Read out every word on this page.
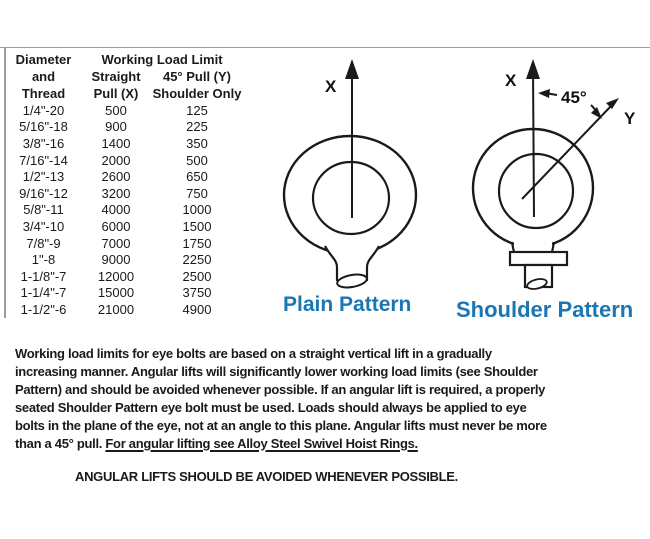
Diameter	Working Load Limit
and	Straight	45° Pull (Y)
Thread	Pull (X)	Shoulder Only
1/4"-20	500	125
5/16"-18	900	225
3/8"-16	1400	350
7/16"-14	2000	500
1/2"-13	2600	650
9/16"-12	3200	750
5/8"-11	4000	1000
3/4"-10	6000	1500
7/8"-9	7000	1750
1"-8	9000	2250
1-1/8"-7	12000	2500
1-1/4"-7	15000	3750
1-1/2"-6	21000	4900
X	X
Y
45°
Plain Pattern Shoulder Pattern
Working load limits for eye bolts are based on a straight vertical lift in a gradually
increasing manner. Angular lifts will significantly lower working load limits (see Shoulder
Pattern) and should be avoided whenever possible. If an angular lift is required, a properly
seated Shoulder Pattern eye bolt must be used. Loads should always be applied to eye
bolts in the plane of the eye, not at an angle to this plane. Angular lifts must never be more
than a 45° pull. For angular lifting see Alloy Steel Swivel Hoist Rings.
ANGULAR LIFTS SHOULD BE AVOIDED WHENEVER POSSIBLE.
